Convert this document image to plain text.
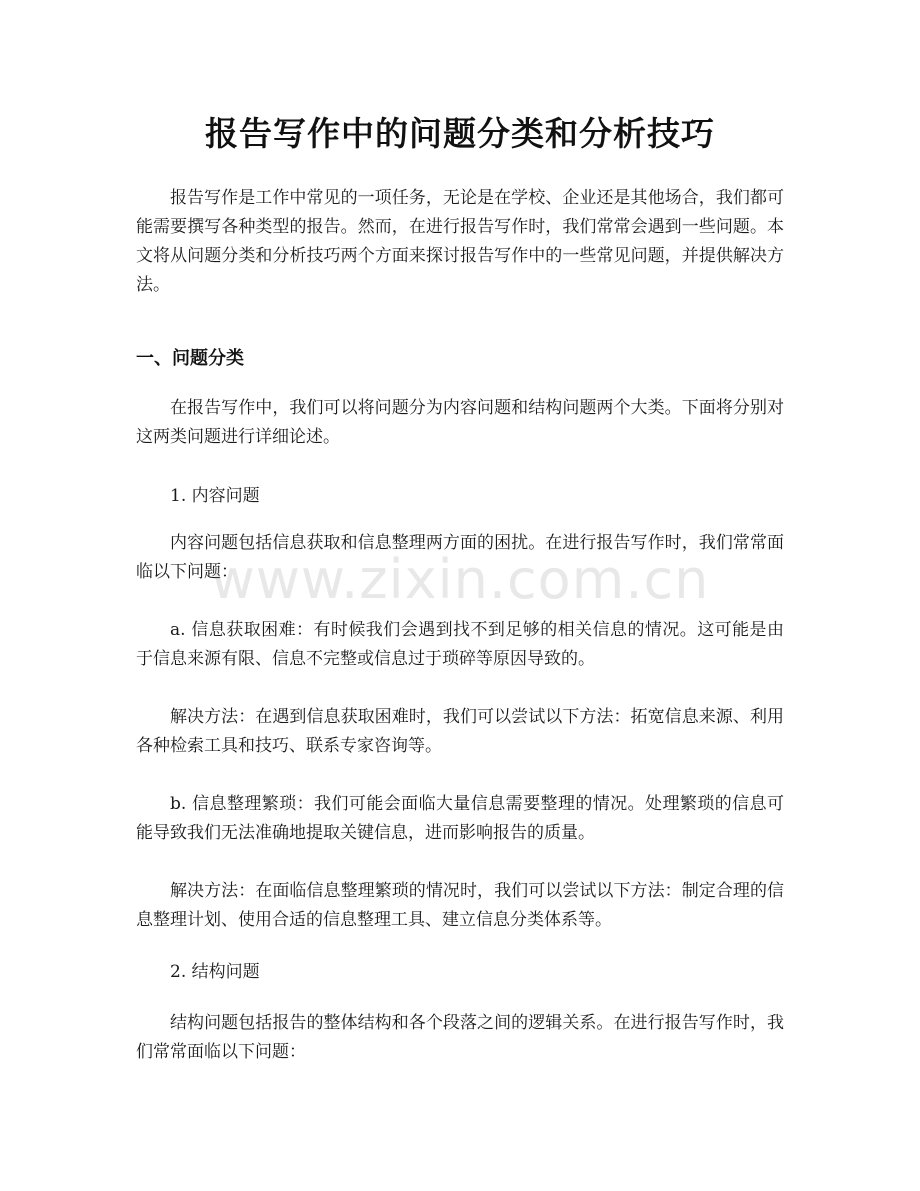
报告写作中的问题分类和分析技巧

报告写作是工作中常见的一项任务，无论是在学校、企业还是其他场合，我们都可能需要撰写各种类型的报告。然而，在进行报告写作时，我们常常会遇到一些问题。本文将从问题分类和分析技巧两个方面来探讨报告写作中的一些常见问题，并提供解决方法。

一、问题分类

在报告写作中，我们可以将问题分为内容问题和结构问题两个大类。下面将分别对这两类问题进行详细论述。

1. 内容问题

内容问题包括信息获取和信息整理两方面的困扰。在进行报告写作时，我们常常面临以下问题：

a. 信息获取困难：有时候我们会遇到找不到足够的相关信息的情况。这可能是由于信息来源有限、信息不完整或信息过于琐碎等原因导致的。

解决方法：在遇到信息获取困难时，我们可以尝试以下方法：拓宽信息来源、利用各种检索工具和技巧、联系专家咨询等。

b. 信息整理繁琐：我们可能会面临大量信息需要整理的情况。处理繁琐的信息可能导致我们无法准确地提取关键信息，进而影响报告的质量。

解决方法：在面临信息整理繁琐的情况时，我们可以尝试以下方法：制定合理的信息整理计划、使用合适的信息整理工具、建立信息分类体系等。

2. 结构问题

结构问题包括报告的整体结构和各个段落之间的逻辑关系。在进行报告写作时，我们常常面临以下问题：

www.zixin.com.cn
